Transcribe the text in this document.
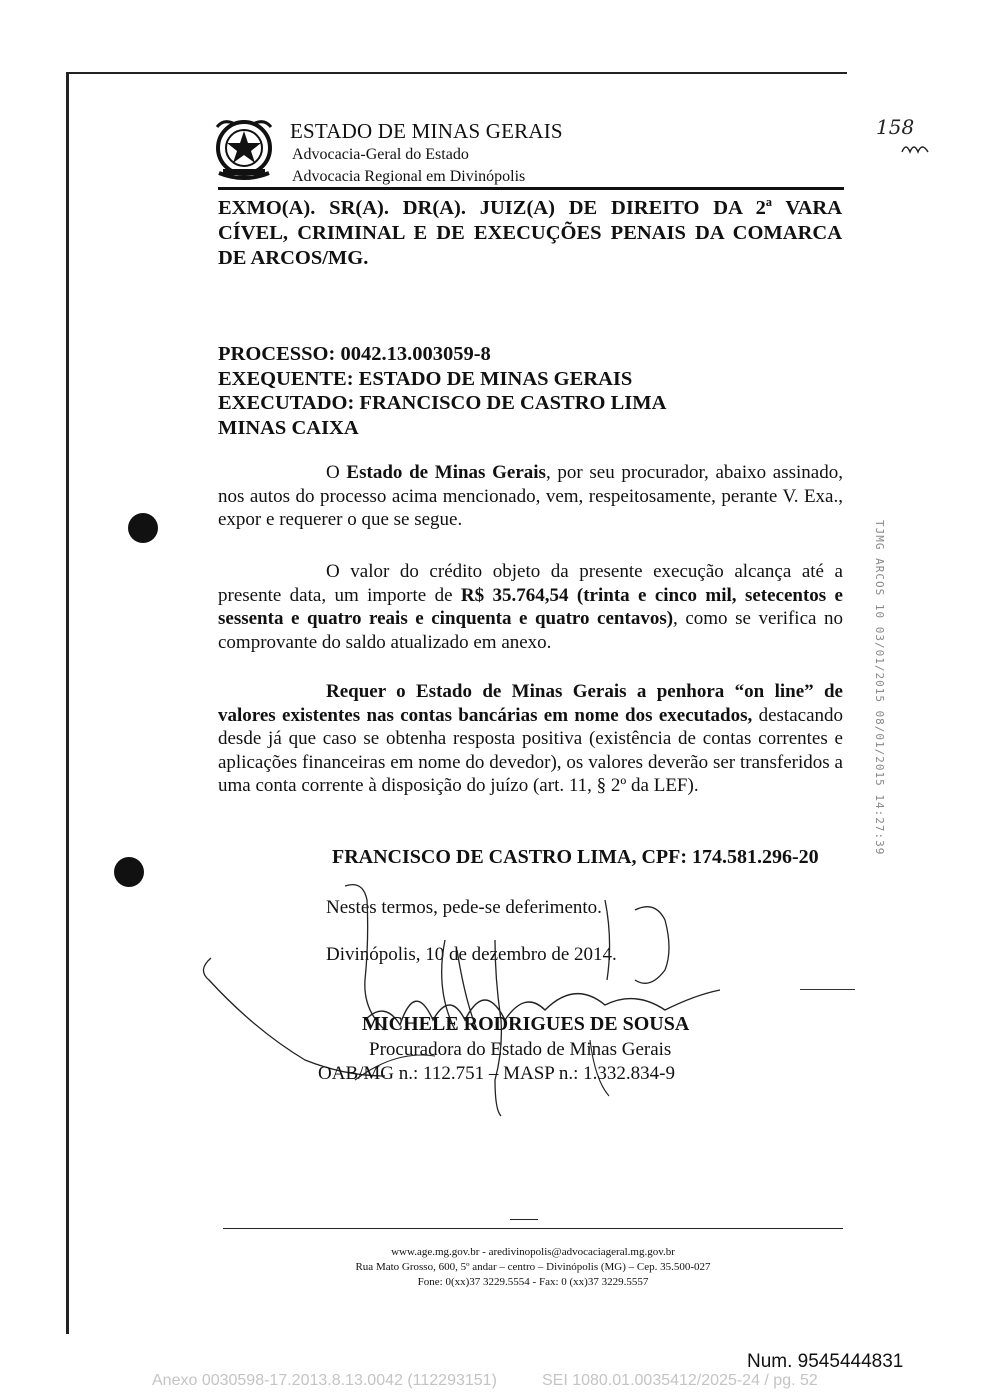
ESTADO DE MINAS GERAIS
Advocacia-Geral do Estado
Advocacia Regional em Divinópolis
158
EXMO(A). SR(A). DR(A). JUIZ(A) DE DIREITO DA 2ª VARA CÍVEL, CRIMINAL E DE EXECUÇÕES PENAIS DA COMARCA DE ARCOS/MG.
PROCESSO: 0042.13.003059-8
EXEQUENTE: ESTADO DE MINAS GERAIS
EXECUTADO: FRANCISCO DE CASTRO LIMA
MINAS CAIXA
O Estado de Minas Gerais, por seu procurador, abaixo assinado, nos autos do processo acima mencionado, vem, respeitosamente, perante V. Exa., expor e requerer o que se segue.
O valor do crédito objeto da presente execução alcança até a presente data, um importe de R$ 35.764,54 (trinta e cinco mil, setecentos e sessenta e quatro reais e cinquenta e quatro centavos), como se verifica no comprovante do saldo atualizado em anexo.
Requer o Estado de Minas Gerais a penhora “on line” de valores existentes nas contas bancárias em nome dos executados, destacando desde já que caso se obtenha resposta positiva (existência de contas correntes e aplicações financeiras em nome do devedor), os valores deverão ser transferidos a uma conta corrente à disposição do juízo (art. 11, § 2º da LEF).	TJMG ARCOS 10 03/01/2015 08/01/2015 14:27:39
FRANCISCO DE CASTRO LIMA, CPF: 174.581.296-20
Nestes termos, pede-se deferimento.
Divinópolis, 10 de dezembro de 2014.
MICHELE RODRIGUES DE SOUSA
Procuradora do Estado de Minas Gerais
OAB/MG n.: 112.751 – MASP n.: 1.332.834-9
www.age.mg.gov.br - aredivinopolis@advocaciageral.mg.gov.br
Rua Mato Grosso, 600, 5º andar – centro – Divinópolis (MG) – Cep. 35.500-027
Fone: 0(xx)37 3229.5554 - Fax: 0 (xx)37 3229.5557
Num. 9545444831
Anexo 0030598-17.2013.8.13.0042 (112293151)	SEI 1080.01.0035412/2025-24 / pg. 52
